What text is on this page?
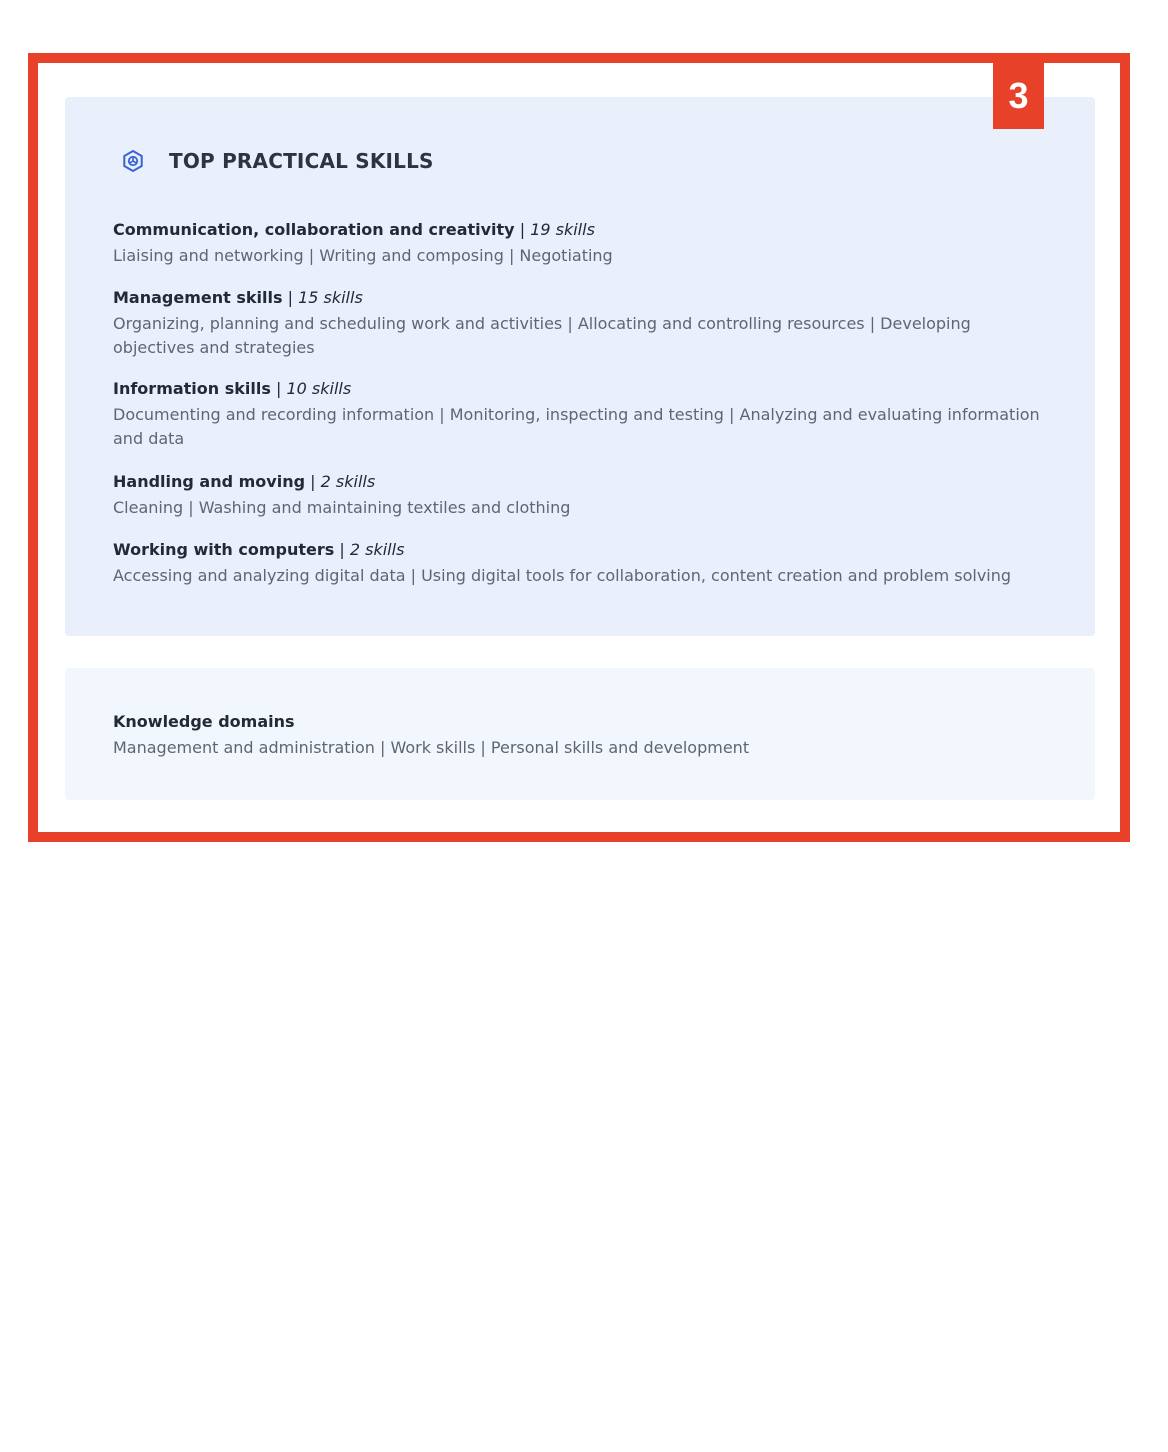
3
TOP PRACTICAL SKILLS
Communication, collaboration and creativity | 19 skills
Liaising and networking | Writing and composing | Negotiating
Management skills | 15 skills
Organizing, planning and scheduling work and activities | Allocating and controlling resources | Developing objectives and strategies
Information skills | 10 skills
Documenting and recording information | Monitoring, inspecting and testing | Analyzing and evaluating information and data
Handling and moving | 2 skills
Cleaning | Washing and maintaining textiles and clothing
Working with computers | 2 skills
Accessing and analyzing digital data | Using digital tools for collaboration, content creation and problem solving
Knowledge domains
Management and administration | Work skills | Personal skills and development
